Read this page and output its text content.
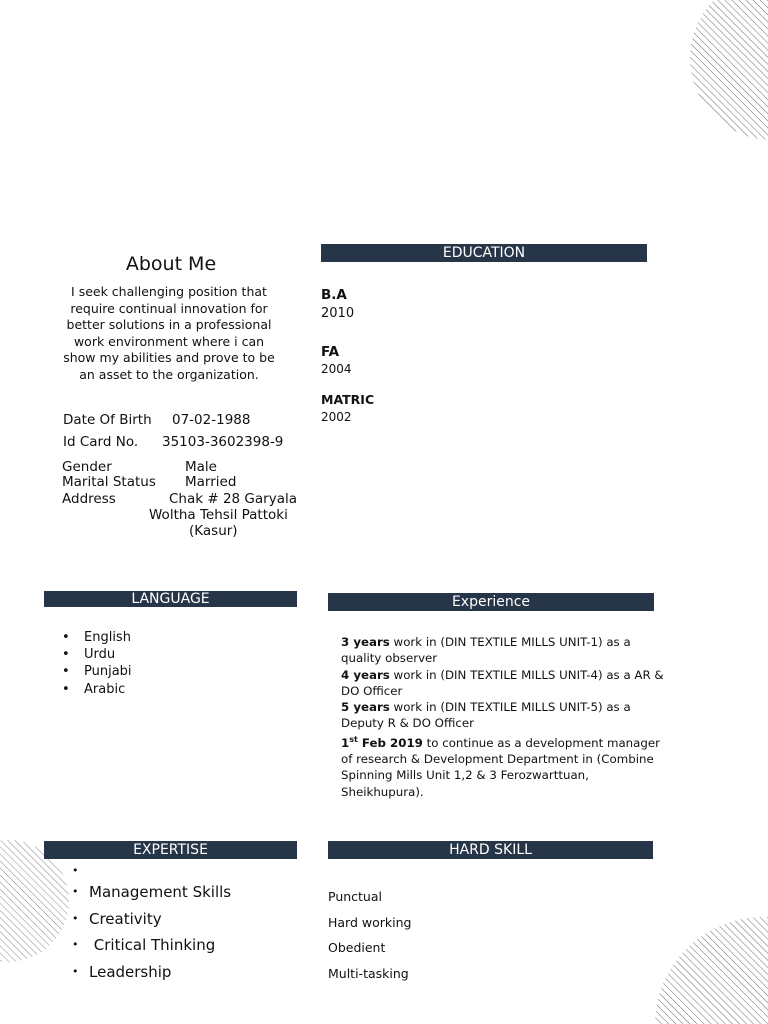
About Me
I seek challenging position that require continual innovation for better solutions in a professional work environment where i can show my abilities and prove to be an asset to the organization.
Date Of Birth 07-02-1988
Id Card No. 35103-3602398-9
Gender	Male
Marital Status Married
Address	Chak # 28 Garyala
Woltha Tehsil Pattoki
(Kasur)
EDUCATION
B.A
2010
FA
2004
MATRIC
2002
LANGUAGE
• English
• Urdu
• Punjabi
• Arabic
Experience
3 years work in (DIN TEXTILE MILLS UNIT-1) as a quality observer
4 years work in (DIN TEXTILE MILLS UNIT-4) as a AR & DO Officer
5 years work in (DIN TEXTILE MILLS UNIT-5) as a Deputy R & DO Officer
1st Feb 2019 to continue as a development manager of research & Development Department in (Combine Spinning Mills Unit 1,2 & 3 Ferozwarttuan, Sheikhupura).
•
EXPERTISE
• Management Skills
• Creativity
•  Critical Thinking
• Leadership
HARD SKILL
Punctual
Hard working
Obedient
Multi-tasking
